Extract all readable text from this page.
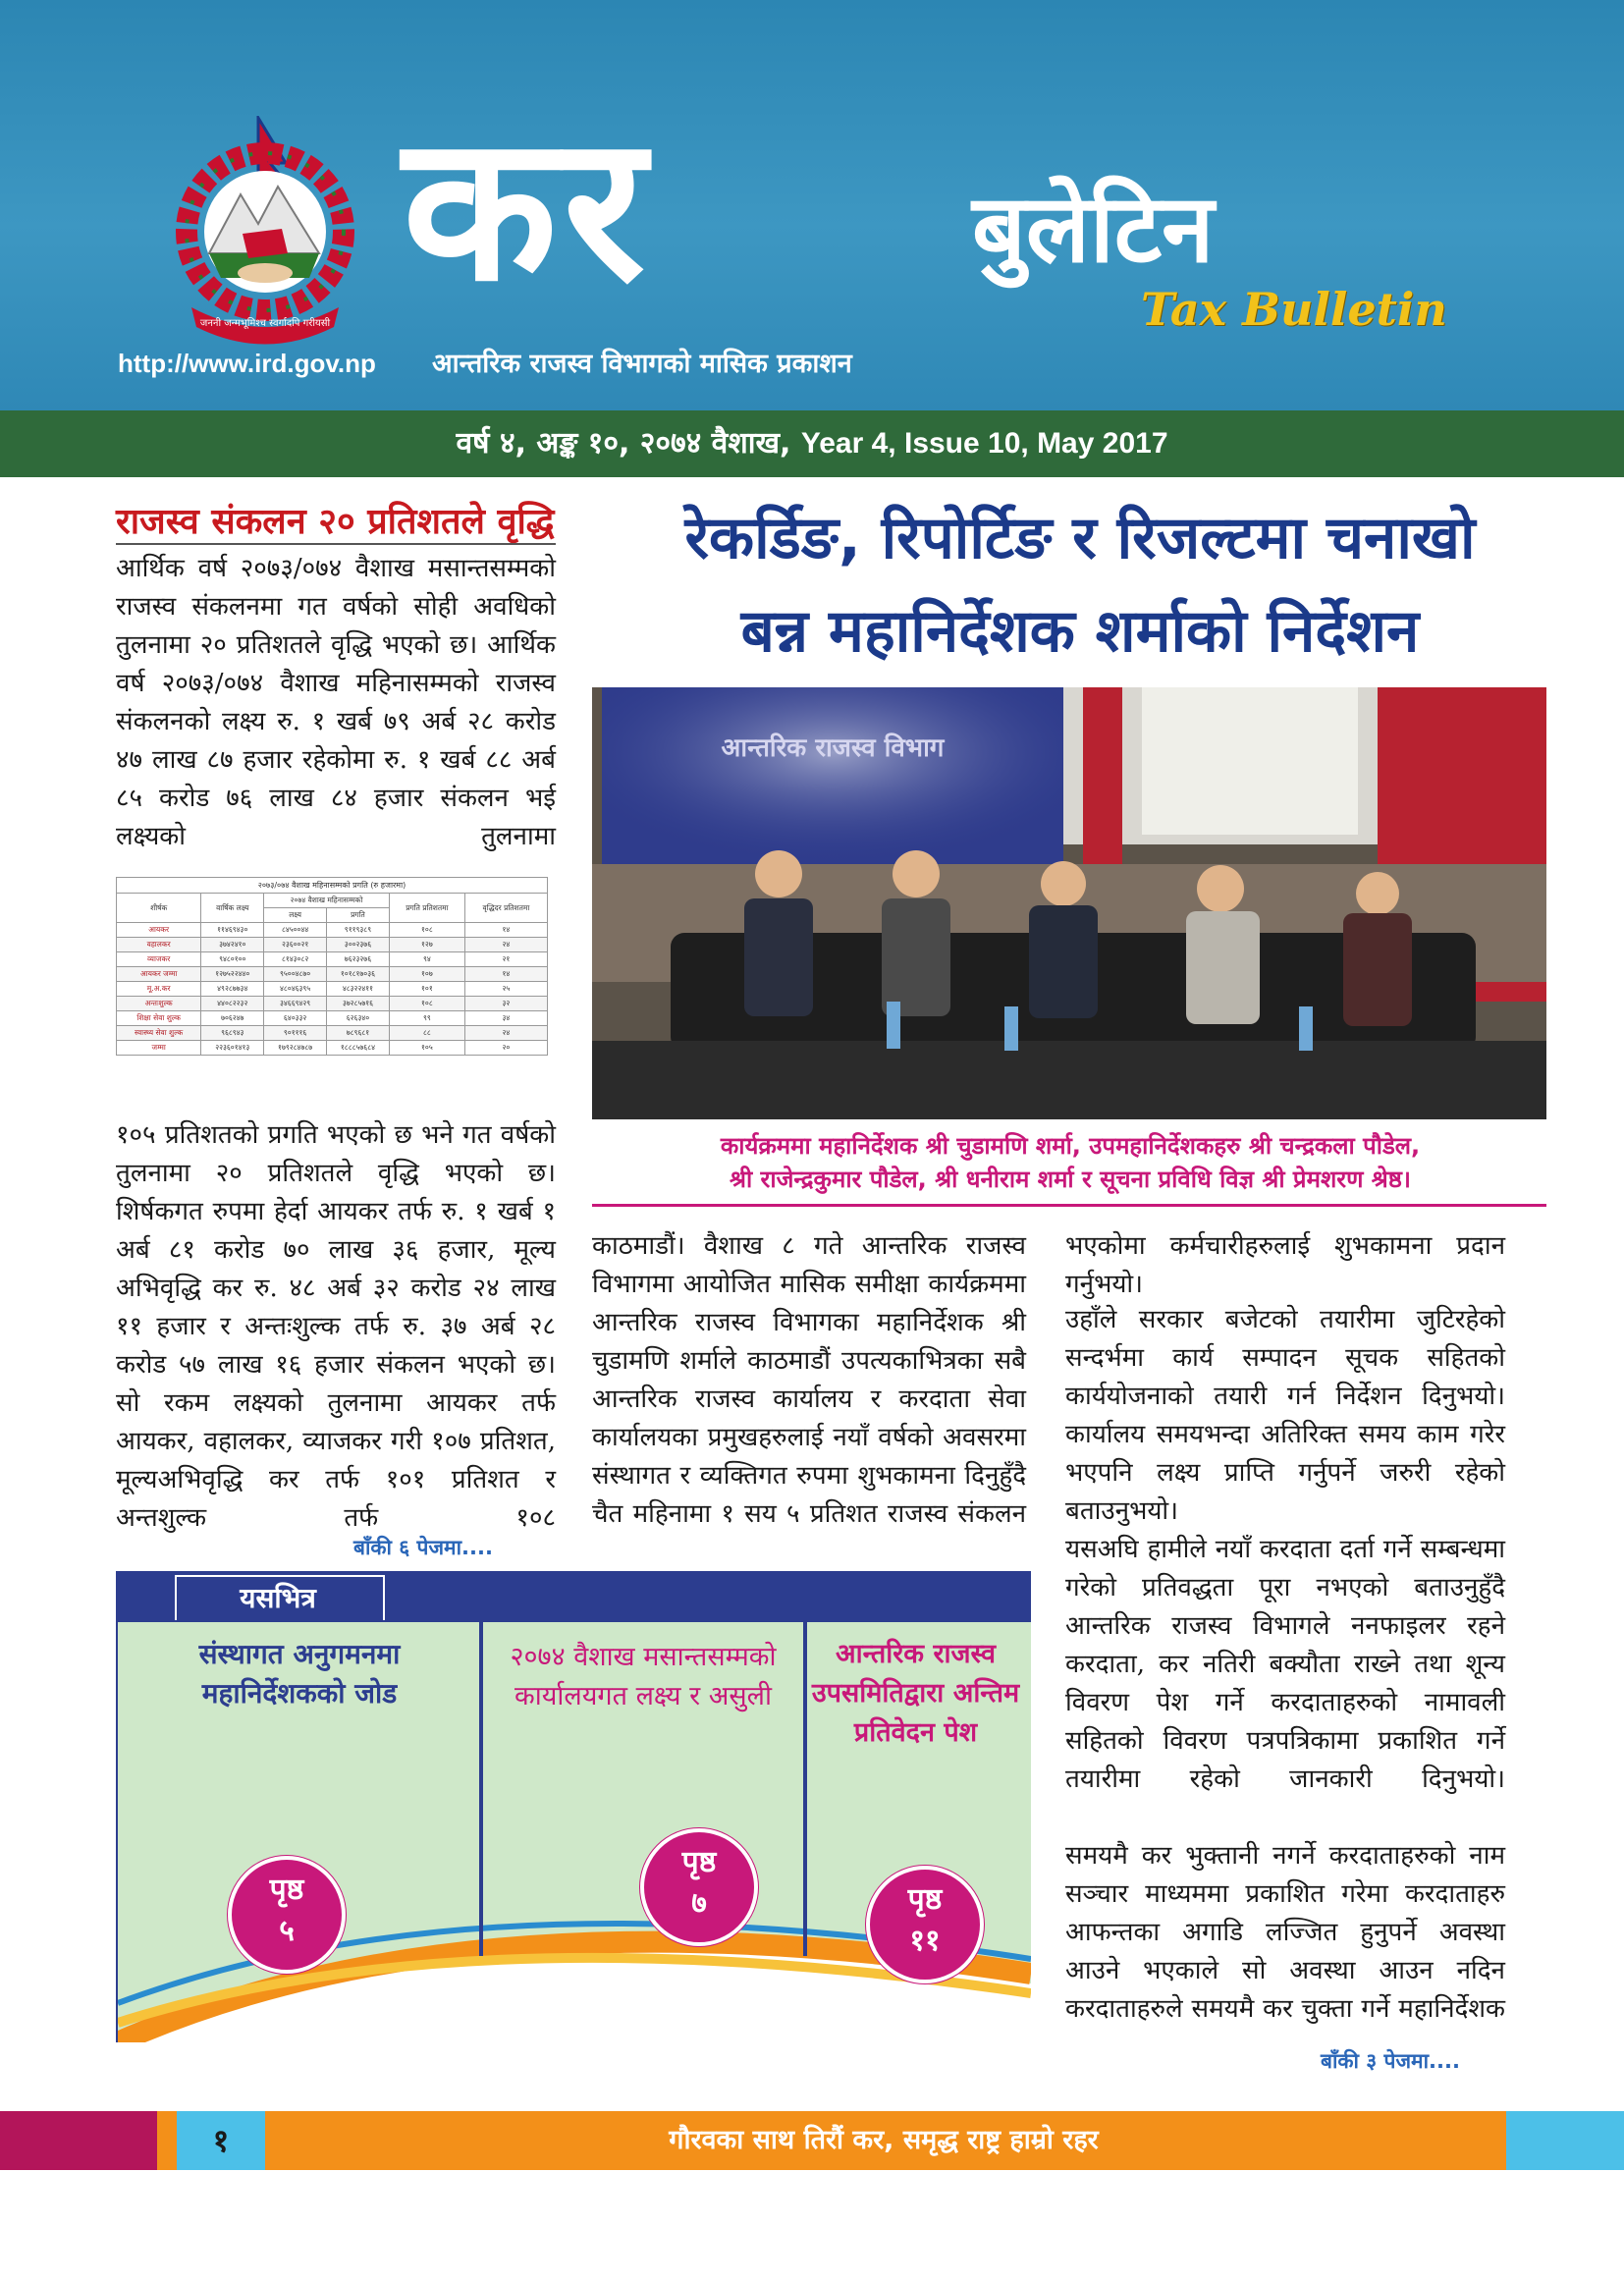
जननी जन्मभूमिश्च स्वर्गादपि गरीयसी कर	बुलेटिन
Tax Bulletin
http://www.ird.gov.np आन्तरिक राजस्व विभागको मासिक प्रकाशन
वर्ष ४, अङ्क १०, २०७४ वैशाख, Year 4, Issue 10, May 2017
राजस्व संकलन २० प्रतिशतले वृद्धि
आर्थिक वर्ष २०७३/०७४ वैशाख मसान्तसम्मको राजस्व संकलनमा गत वर्षको सोही अवधिको तुलनामा २० प्रतिशतले वृद्धि भएको छ। आर्थिक वर्ष २०७३/०७४ वैशाख महिनासम्मको राजस्व संकलनको लक्ष्य रु. १ खर्ब ७९ अर्ब २८ करोड ४७ लाख ८७ हजार रहेकोमा रु. १ खर्ब ८८ अर्ब ८५ करोड ७६ लाख ८४ हजार संकलन भई लक्ष्यको तुलनामा
२०७३/०७४ वैशाख महिनासम्मको प्रगति (रु हजारमा)					
शीर्षक	वार्षिक लक्ष्य	२०७४ वैशाख महिनासम्मको		प्रगति प्रतिशतमा	वृद्धिदर प्रतिशतमा
		लक्ष्य	प्रगति		
आयकर	११४६९४३०	८४५००४४	९११९३८९	१०८	१४
वहालकर	३७४२४१०	२३६००२१	३००२३७६	१२७	२४
व्याजकर	९४८०१००	८१४३०८२	७६२३२७६	९४	२१
आयकर जम्मा	१२७५२२४४०	९५००४८७०	१०१८१७०३६	१०७	१४
मू.अ.कर	४९२८७७३४	४८०४६३९५	४८३२२४११	१०१	२५
अन्तःशुल्क	४४०८२२३२	३४६६९४२९	३७२८५७१६	१०८	३२
शिक्षा सेवा शुल्क	७०६२४७	६४०३३२	६२६३४०	९९	३४
स्वास्थ्य सेवा शुल्क	९६८९४३	९०१११६	७८९६८१	८८	२४
जम्मा	२२३६०१४१३	१७९२८४७८७	१८८८५७६८४	१०५	२०
१०५ प्रतिशतको प्रगति भएको छ भने गत वर्षको तुलनामा २० प्रतिशतले वृद्धि भएको छ। शिर्षकगत रुपमा हेर्दा आयकर तर्फ रु. १ खर्ब १ अर्ब ८१ करोड ७० लाख ३६ हजार, मूल्य अभिवृद्धि कर रु. ४८ अर्ब ३२ करोड २४ लाख ११ हजार र अन्तःशुल्क तर्फ रु. ३७ अर्ब २८ करोड ५७ लाख १६ हजार संकलन भएको छ। सो रकम लक्ष्यको तुलनामा आयकर तर्फ आयकर, वहालकर, व्याजकर गरी १०७ प्रतिशत, मूल्यअभिवृद्धि कर तर्फ १०१ प्रतिशत र अन्तशुल्क तर्फ १०८
बाँकी ६ पेजमा....
रेकर्डिङ, रिपोर्टिङ र रिजल्टमा चनाखो
बन्न महानिर्देशक शर्माको निर्देशन
आन्तरिक राजस्व विभाग
कार्यक्रममा महानिर्देशक श्री चुडामणि शर्मा, उपमहानिर्देशकहरु श्री चन्द्रकला पौडेल,
श्री राजेन्द्रकुमार पौडेल, श्री धनीराम शर्मा र सूचना प्रविधि विज्ञ श्री प्रेमशरण श्रेष्ठ।
काठमाडौं। वैशाख ८ गते आन्तरिक राजस्व विभागमा आयोजित मासिक समीक्षा कार्यक्रममा आन्तरिक राजस्व विभागका महानिर्देशक श्री चुडामणि शर्माले काठमाडौं उपत्यकाभित्रका सबै आन्तरिक राजस्व कार्यालय र करदाता सेवा कार्यालयका प्रमुखहरुलाई नयाँ वर्षको अवसरमा संस्थागत र व्यक्तिगत रुपमा शुभकामना दिनुहुँदै चैत महिनामा १ सय ५ प्रतिशत राजस्व संकलन
भएकोमा कर्मचारीहरुलाई शुभकामना प्रदान गर्नुभयो।
उहाँले सरकार बजेटको तयारीमा जुटिरहेको सन्दर्भमा कार्य सम्पादन सूचक सहितको कार्ययोजनाको तयारी गर्न निर्देशन दिनुभयो। कार्यालय समयभन्दा अतिरिक्त समय काम गरेर भएपनि लक्ष्य प्राप्ति गर्नुपर्ने जरुरी रहेको बताउनुभयो।
यसअघि हामीले नयाँ करदाता दर्ता गर्ने सम्बन्धमा गरेको प्रतिवद्धता पूरा नभएको बताउनुहुँदै आन्तरिक राजस्व विभागले ननफाइलर रहने करदाता, कर नतिरी बक्यौता राख्ने तथा शून्य विवरण पेश गर्ने करदाताहरुको नामावली सहितको विवरण पत्रपत्रिकामा प्रकाशित गर्ने तयारीमा रहेको जानकारी दिनुभयो।
समयमै कर भुक्तानी नगर्ने करदाताहरुको नाम सञ्चार माध्यममा प्रकाशित गरेमा करदाताहरु आफन्तका अगाडि लज्जित हुनुपर्ने अवस्था आउने भएकाले सो अवस्था आउन नदिन करदाताहरुले समयमै कर चुक्ता गर्ने महानिर्देशक
बाँकी ३ पेजमा....
यसभित्र
संस्थागत अनुगमनमा महानिर्देशकको जोड
२०७४ वैशाख मसान्तसम्मको कार्यालयगत लक्ष्य र असुली
आन्तरिक राजस्व उपसमितिद्वारा अन्तिम प्रतिवेदन पेश
पृष्ठ
५
पृष्ठ
७	पृष्ठ
११
१	गौरवका साथ तिरौं कर, समृद्ध राष्ट्र हाम्रो रहर
